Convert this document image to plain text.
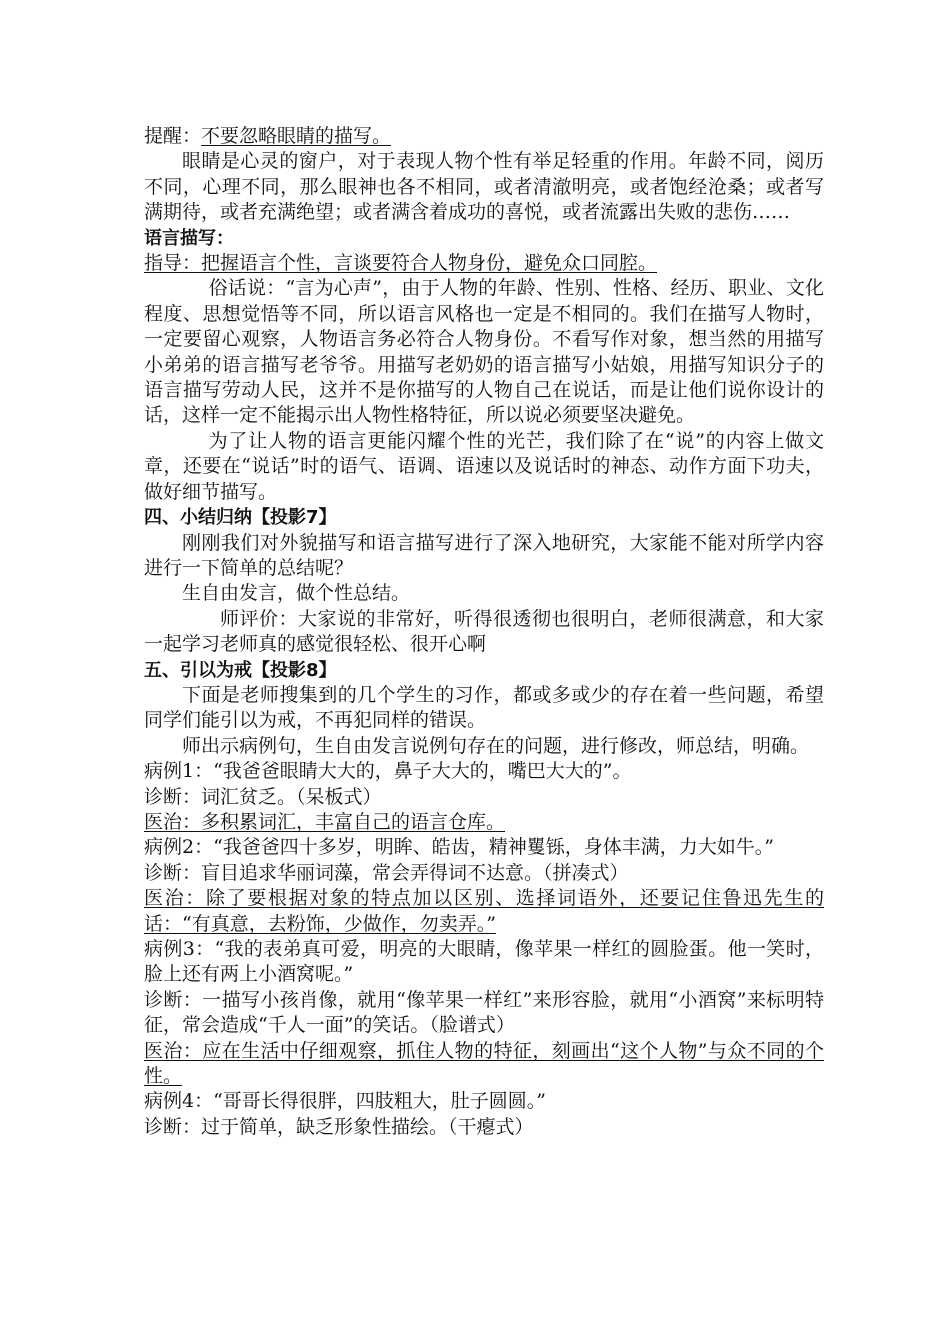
提醒：不要忽略眼睛的描写。

眼睛是心灵的窗户，对于表现人物个性有举足轻重的作用。年龄不同，阅历不同，心理不同，那么眼神也各不相同，或者清澈明亮，或者饱经沧桑；或者写满期待，或者充满绝望；或者满含着成功的喜悦，或者流露出失败的悲伤……

语言描写：

指导：把握语言个性，言谈要符合人物身份，避免众口同腔。

俗话说：“言为心声”，由于人物的年龄、性别、性格、经历、职业、文化程度、思想觉悟等不同，所以语言风格也一定是不相同的。我们在描写人物时，一定要留心观察，人物语言务必符合人物身份。不看写作对象，想当然的用描写小弟弟的语言描写老爷爷。用描写老奶奶的语言描写小姑娘，用描写知识分子的语言描写劳动人民，这并不是你描写的人物自己在说话，而是让他们说你设计的话，这样一定不能揭示出人物性格特征，所以说必须要坚决避免。

为了让人物的语言更能闪耀个性的光芒，我们除了在“说”的内容上做文章，还要在“说话”时的语气、语调、语速以及说话时的神态、动作方面下功夫，做好细节描写。

四、小结归纳【投影7】

刚刚我们对外貌描写和语言描写进行了深入地研究，大家能不能对所学内容进行一下简单的总结呢？

生自由发言，做个性总结。

师评价：大家说的非常好，听得很透彻也很明白，老师很满意，和大家一起学习老师真的感觉很轻松、很开心啊

五、引以为戒【投影8】

下面是老师搜集到的几个学生的习作，都或多或少的存在着一些问题，希望同学们能引以为戒，不再犯同样的错误。

师出示病例句，生自由发言说例句存在的问题，进行修改，师总结，明确。

病例1：“我爸爸眼睛大大的，鼻子大大的，嘴巴大大的”。

诊断：词汇贫乏。（呆板式）

医治：多积累词汇，丰富自己的语言仓库。

病例2：“我爸爸四十多岁，明眸、皓齿，精神矍铄，身体丰满，力大如牛。”

诊断：盲目追求华丽词藻，常会弄得词不达意。（拼凑式）

医治：除了要根据对象的特点加以区别、选择词语外，还要记住鲁迅先生的话：“有真意，去粉饰，少做作，勿卖弄。”

病例3：“我的表弟真可爱，明亮的大眼睛，像苹果一样红的圆脸蛋。他一笑时，脸上还有两上小酒窝呢。”

诊断：一描写小孩肖像，就用“像苹果一样红”来形容脸，就用“小酒窝”来标明特征，常会造成“千人一面”的笑话。（脸谱式）

医治：应在生活中仔细观察，抓住人物的特征，刻画出“这个人物”与众不同的个性。

病例4：“哥哥长得很胖，四肢粗大，肚子圆圆。”

诊断：过于简单，缺乏形象性描绘。（干瘪式）
